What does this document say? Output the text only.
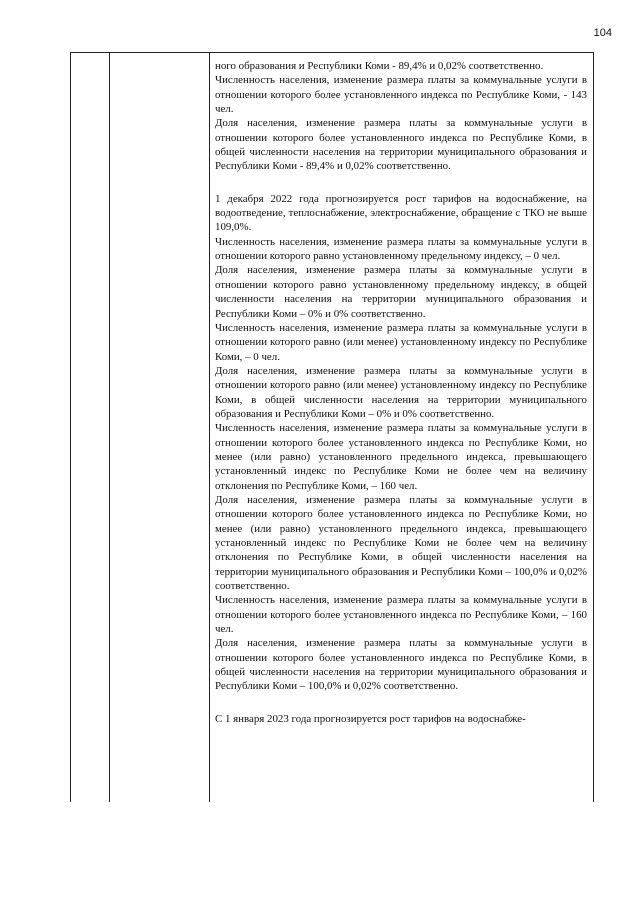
104

ного образования и Республики Коми - 89,4% и 0,02% соответственно.

Численность населения, изменение размера платы за коммунальные услуги в отношении которого более установленного индекса по Республике Коми, - 143 чел.

Доля населения, изменение размера платы за коммунальные услуги в отношении которого более установленного индекса по Республике Коми, в общей численности населения на территории муниципального образования и Республики Коми - 89,4% и 0,02% соответственно.

1 декабря 2022 года прогнозируется рост тарифов на водоснабжение, на водоотведение, теплоснабжение, электроснабжение, обращение с ТКО не выше 109,0%.

Численность населения, изменение размера платы за коммунальные услуги в отношении которого равно установленному предельному индексу, – 0 чел.

Доля населения, изменение размера платы за коммунальные услуги в отношении которого равно установленному предельному индексу, в общей численности населения на территории муниципального образования и Республики Коми – 0% и 0% соответственно.

Численность населения, изменение размера платы за коммунальные услуги в отношении которого равно (или менее) установленному индексу по Республике Коми, – 0 чел.

Доля населения, изменение размера платы за коммунальные услуги в отношении которого равно (или менее) установленному индексу по Республике Коми, в общей численности населения на территории муниципального образования и Республики Коми – 0% и 0% соответственно.

Численность населения, изменение размера платы за коммунальные услуги в отношении которого более установленного индекса по Республике Коми, но менее (или равно) установленного предельного индекса, превышающего установленный индекс по Республике Коми не более чем на величину отклонения по Республике Коми, – 160 чел.

Доля населения, изменение размера платы за коммунальные услуги в отношении которого более установленного индекса по Республике Коми, но менее (или равно) установленного предельного индекса, превышающего установленный индекс по Республике Коми не более чем на величину отклонения по Республике Коми, в общей численности населения на территории муниципального образования и Республики Коми – 100,0% и 0,02% соответственно.

Численность населения, изменение размера платы за коммунальные услуги в отношении которого более установленного индекса по Республике Коми, – 160 чел.

Доля населения, изменение размера платы за коммунальные услуги в отношении которого более установленного индекса по Республике Коми, в общей численности населения на территории муниципального образования и Республики Коми – 100,0% и 0,02% соответственно.

С 1 января 2023 года прогнозируется рост тарифов на водоснабже-
